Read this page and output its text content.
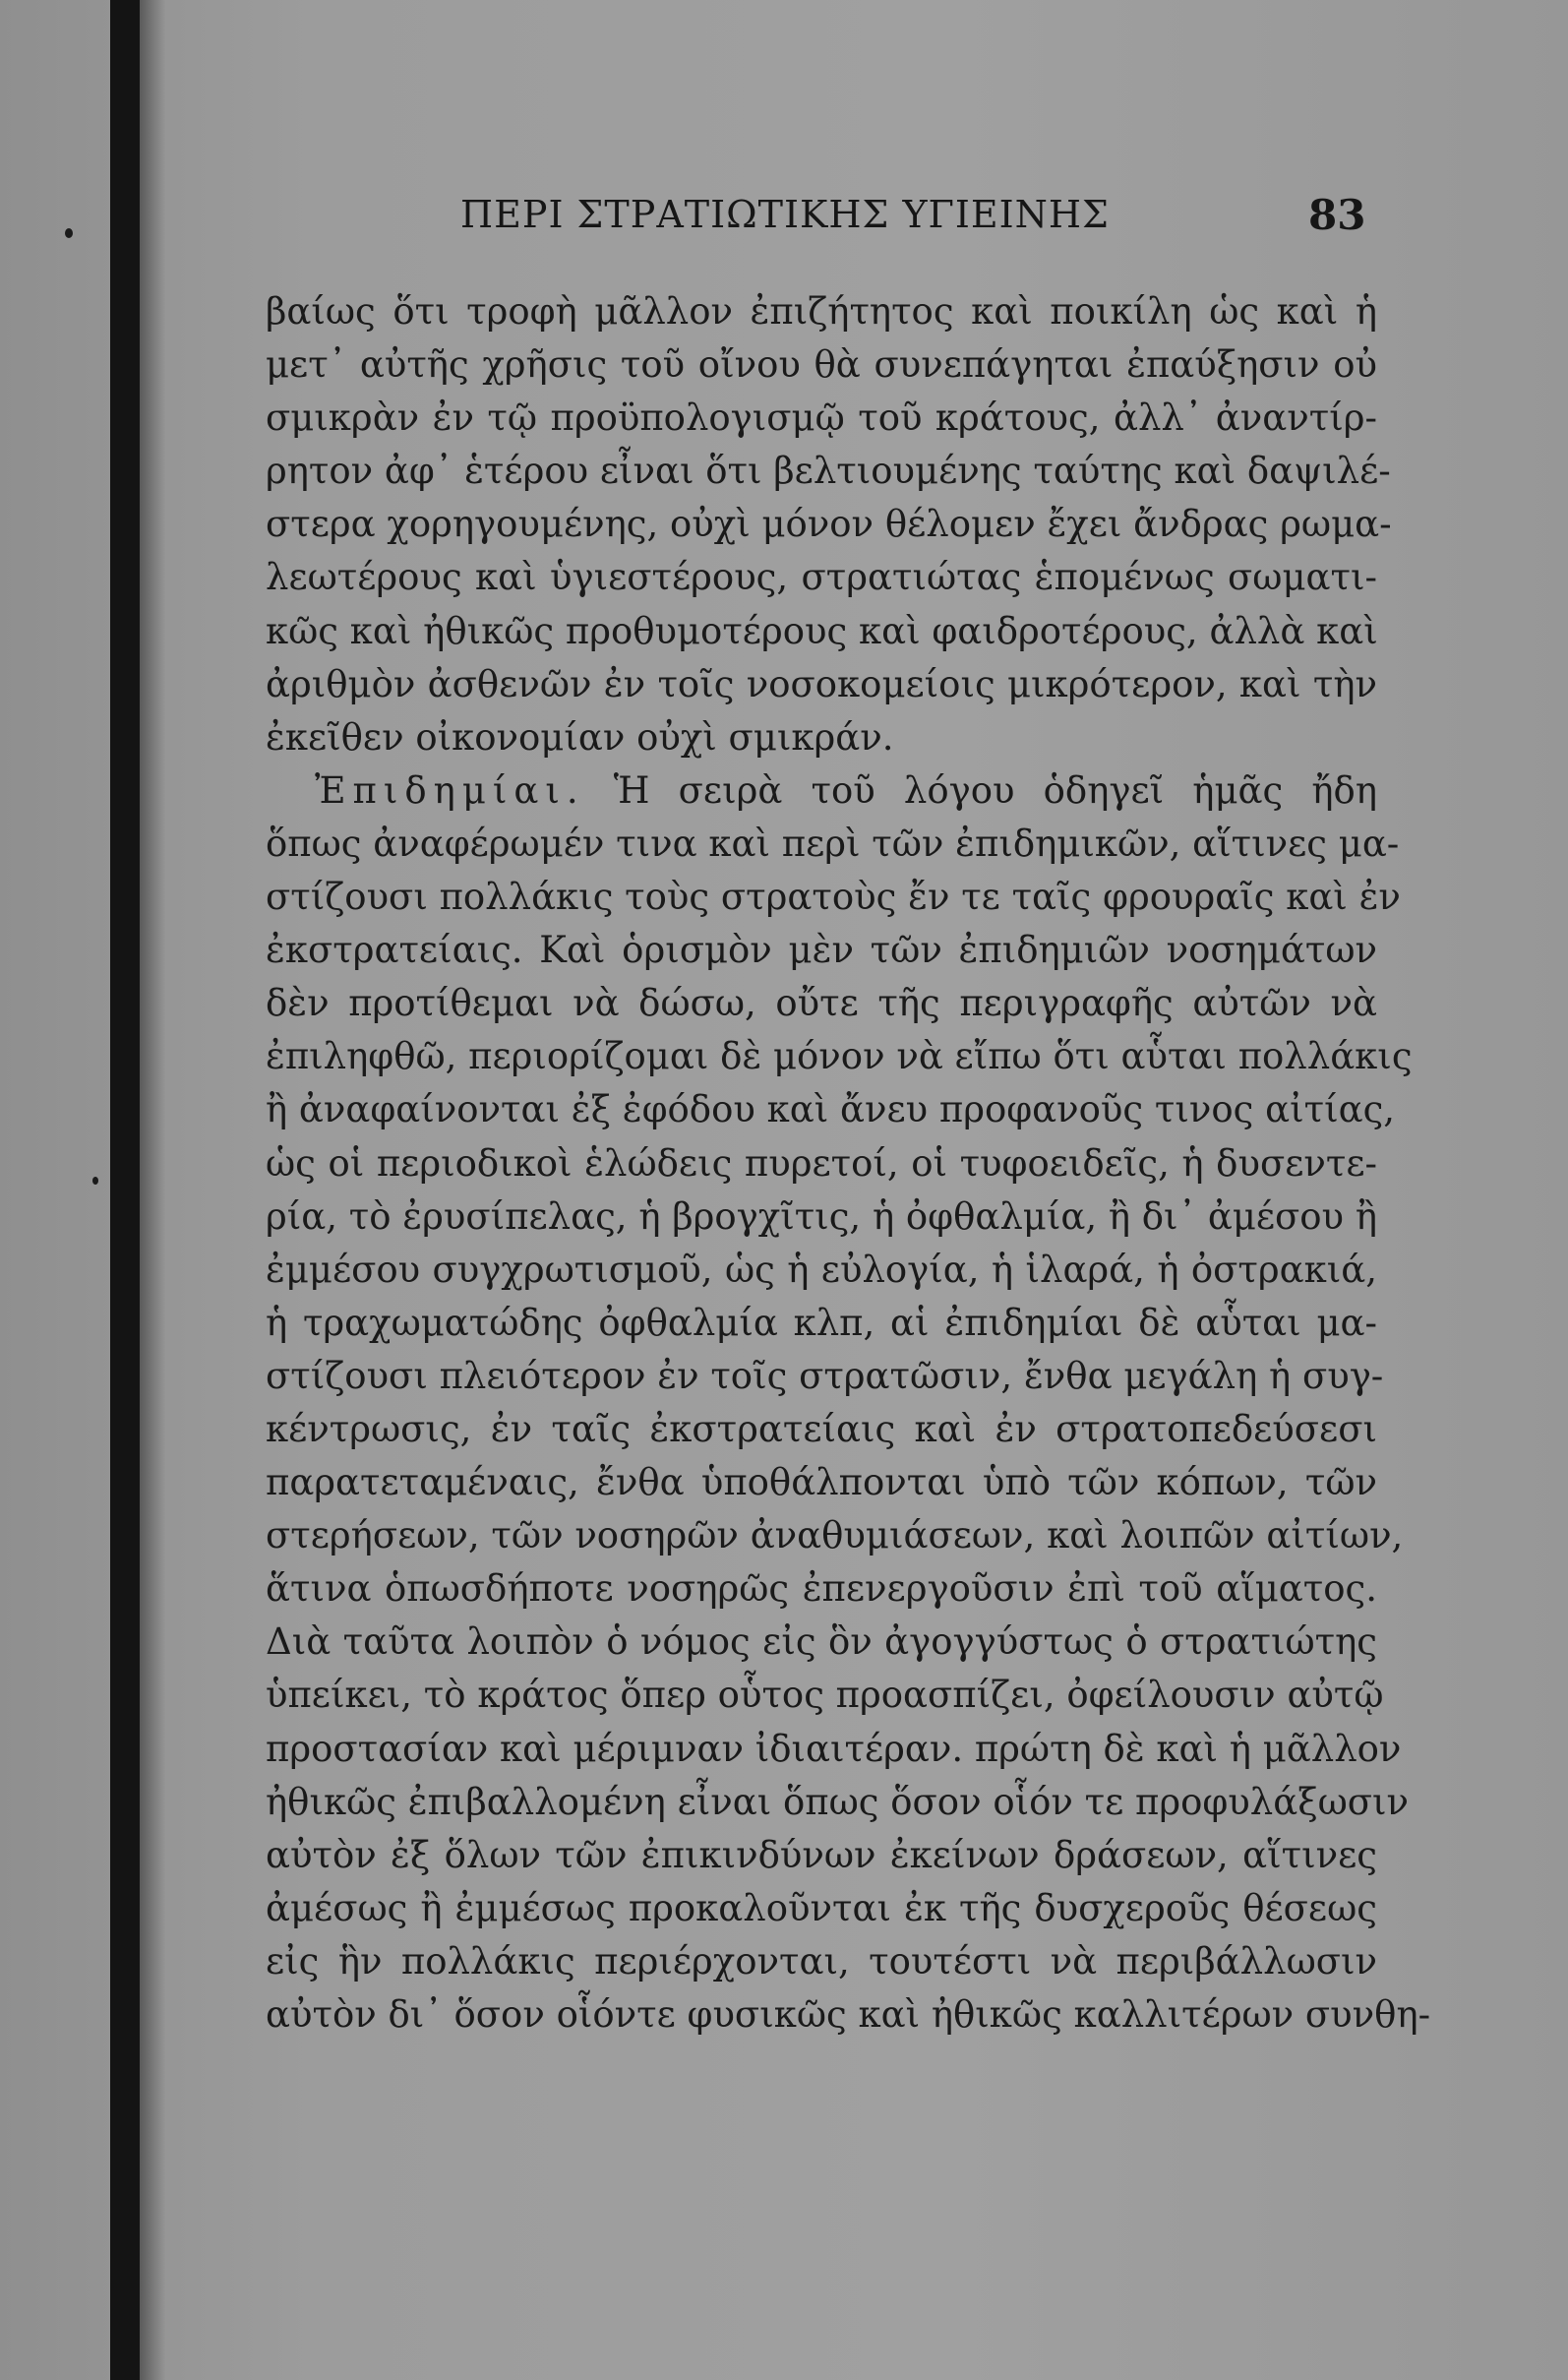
ΠΕΡΙ ΣΤΡΑΤΙΩΤΙΚΗΣ ΥΓΙΕΙΝΗΣ	83
βαίως ὅτι τροφὴ μᾶλλον ἐπιζήτητος καὶ ποικίλη ὡς καὶ ἡ
μετ᾽ αὐτῆς χρῆσις τοῦ οἴνου θὰ συνεπάγηται ἐπαύξησιν οὐ
σμικρὰν ἐν τῷ προϋπολογισμῷ τοῦ κράτους, ἀλλ᾽ ἀναντίρ-
ρητον ἀφ᾽ ἑτέρου εἶναι ὅτι βελτιουμένης ταύτης καὶ δαψιλέ-
στερα χορηγουμένης, οὐχὶ μόνον θέλομεν ἔχει ἄνδρας ρωμα-
λεωτέρους καὶ ὑγιεστέρους, στρατιώτας ἑπομένως σωματι-
κῶς καὶ ἠθικῶς προθυμοτέρους καὶ φαιδροτέρους, ἀλλὰ καὶ
ἀριθμὸν ἀσθενῶν ἐν τοῖς νοσοκομείοις μικρότερον, καὶ τὴν
ἐκεῖθεν οἰκονομίαν οὐχὶ σμικράν.
Ἐπιδημίαι. Ἡ σειρὰ τοῦ λόγου ὁδηγεῖ ἡμᾶς ἤδη
ὅπως ἀναφέρωμέν τινα καὶ περὶ τῶν ἐπιδημικῶν, αἵτινες μα-
στίζουσι πολλάκις τοὺς στρατοὺς ἔν τε ταῖς φρουραῖς καὶ ἐν
ἐκστρατείαις. Καὶ ὁρισμὸν μὲν τῶν ἐπιδημιῶν νοσημάτων
δὲν προτίθεμαι νὰ δώσω, οὔτε τῆς περιγραφῆς αὐτῶν νὰ
ἐπιληφθῶ, περιορίζομαι δὲ μόνον νὰ εἴπω ὅτι αὗται πολλάκις
ἢ ἀναφαίνονται ἐξ ἐφόδου καὶ ἄνευ προφανοῦς τινος αἰτίας,
ὡς οἱ περιοδικοὶ ἑλώδεις πυρετοί, οἱ τυφοειδεῖς, ἡ δυσεντε-
ρία, τὸ ἐρυσίπελας, ἡ βρογχῖτις, ἡ ὀφθαλμία, ἢ δι᾽ ἀμέσου ἢ
ἐμμέσου συγχρωτισμοῦ, ὡς ἡ εὐλογία, ἡ ἱλαρά, ἡ ὀστρακιά,
ἡ τραχωματώδης ὀφθαλμία κλπ, αἱ ἐπιδημίαι δὲ αὗται μα-
στίζουσι πλειότερον ἐν τοῖς στρατῶσιν, ἔνθα μεγάλη ἡ συγ-
κέντρωσις, ἐν ταῖς ἐκστρατείαις καὶ ἐν στρατοπεδεύσεσι
παρατεταμέναις, ἔνθα ὑποθάλπονται ὑπὸ τῶν κόπων, τῶν
στερήσεων, τῶν νοσηρῶν ἀναθυμιάσεων, καὶ λοιπῶν αἰτίων,
ἅτινα ὁπωσδήποτε νοσηρῶς ἐπενεργοῦσιν ἐπὶ τοῦ αἵματος.
Διὰ ταῦτα λοιπὸν ὁ νόμος εἰς ὃν ἀγογγύστως ὁ στρατιώτης
ὑπείκει, τὸ κράτος ὅπερ οὗτος προασπίζει, ὀφείλουσιν αὐτῷ
προστασίαν καὶ μέριμναν ἰδιαιτέραν. πρώτη δὲ καὶ ἡ μᾶλλον
ἠθικῶς ἐπιβαλλομένη εἶναι ὅπως ὅσον οἷόν τε προφυλάξωσιν
αὐτὸν ἐξ ὅλων τῶν ἐπικινδύνων ἐκείνων δράσεων, αἵτινες
ἀμέσως ἢ ἐμμέσως προκαλοῦνται ἐκ τῆς δυσχεροῦς θέσεως
εἰς ἣν πολλάκις περιέρχονται, τουτέστι νὰ περιβάλλωσιν
αὐτὸν δι᾽ ὅσον οἷόντε φυσικῶς καὶ ἠθικῶς καλλιτέρων συνθη-
